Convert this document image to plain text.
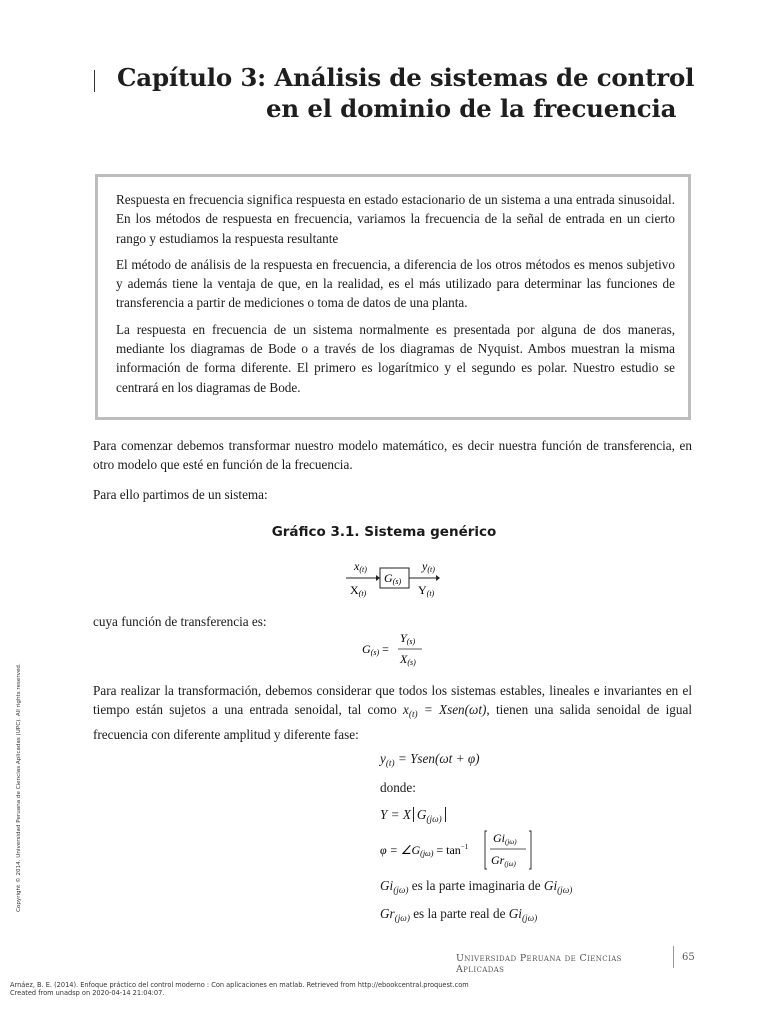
Capítulo 3: Análisis de sistemas de control
en el dominio de la frecuencia

Respuesta en frecuencia significa respuesta en estado estacionario de un sistema a una entrada sinusoidal. En los métodos de respuesta en frecuencia, variamos la frecuencia de la señal de entrada en un cierto rango y estudiamos la respuesta resultante

El método de análisis de la respuesta en frecuencia, a diferencia de los otros métodos es menos subjetivo y además tiene la ventaja de que, en la realidad, es el más utilizado para determinar las funciones de transferencia a partir de mediciones o toma de datos de una planta.

La respuesta en frecuencia de un sistema normalmente es presentada por alguna de dos maneras, mediante los diagramas de Bode o a través de los diagramas de Nyquist. Ambos muestran la misma información de forma diferente. El primero es logarítmico y el segundo es polar. Nuestro estudio se centrará en los diagramas de Bode.

Para comenzar debemos transformar nuestro modelo matemático, es decir nuestra función de transferencia, en otro modelo que esté en función de la frecuencia.
Para ello partimos de un sistema:
Gráfico 3.1. Sistema genérico
x(t)
X(t)
G(s)
y(t)
Y(t)
cuya función de transferencia es:
G(s) =
Y(s)
X(s)
Para realizar la transformación, debemos considerar que todos los sistemas estables, lineales e invariantes en el tiempo están sujetos a una entrada senoidal, tal como $x_{(t)}$ = Xsen(ωt), tienen una salida senoidal de igual frecuencia con diferente amplitud y diferente fase:
$y_{(t)}$ = Ysen(ωt + φ)
donde:
Y = X $G_{(j\omega)}$
φ = ∠G(jω) = $\tan^{-1}$
Gi(jω)
Gr(jω)
$Gi_{(j\omega)}$ es la parte imaginaria de $Gi_{(j\omega)}$
$Gr_{(j\omega)}$ es la parte real de $Gi_{(j\omega)}$
Universidad Peruana de Ciencias Aplicadas
65
Copyright © 2014. Universidad Peruana de Ciencias Aplicadas (UPC). All rights reserved.
Arnáez, B. E. (2014). Enfoque práctico del control moderno : Con aplicaciones en matlab. Retrieved from http://ebookcentral.proquest.com
Created from unadsp on 2020-04-14 21:04:07.
